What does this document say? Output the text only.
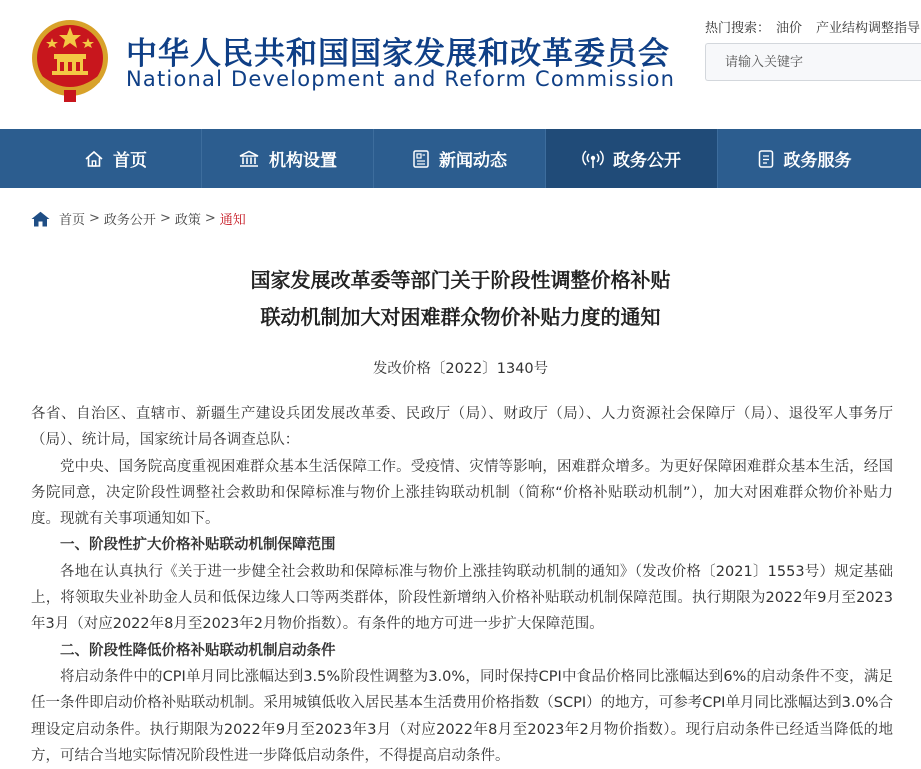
中华人民共和国国家发展和改革委员会
National Development and Reform Commission
热门搜索： 油价 产业结构调整指导
请输入关键字
首页	机构设置	新闻动态	政务公开	政务服务
首页 > 政务公开 > 政策 > 通知
国家发展改革委等部门关于阶段性调整价格补贴
联动机制加大对困难群众物价补贴力度的通知
发改价格〔2022〕1340号

各省、自治区、直辖市、新疆生产建设兵团发展改革委、民政厅（局）、财政厅（局）、人力资源社会保障厅（局）、退役军人事务厅（局）、统计局，国家统计局各调查总队：

党中央、国务院高度重视困难群众基本生活保障工作。受疫情、灾情等影响，困难群众增多。为更好保障困难群众基本生活，经国务院同意，决定阶段性调整社会救助和保障标准与物价上涨挂钩联动机制（简称“价格补贴联动机制”），加大对困难群众物价补贴力度。现就有关事项通知如下。

一、阶段性扩大价格补贴联动机制保障范围

各地在认真执行《关于进一步健全社会救助和保障标准与物价上涨挂钩联动机制的通知》（发改价格〔2021〕1553号）规定基础上，将领取失业补助金人员和低保边缘人口等两类群体，阶段性新增纳入价格补贴联动机制保障范围。执行期限为2022年9月至2023年3月（对应2022年8月至2023年2月物价指数）。有条件的地方可进一步扩大保障范围。

二、阶段性降低价格补贴联动机制启动条件

将启动条件中的CPI单月同比涨幅达到3.5%阶段性调整为3.0%，同时保持CPI中食品价格同比涨幅达到6%的启动条件不变，满足任一条件即启动价格补贴联动机制。采用城镇低收入居民基本生活费用价格指数（SCPI）的地方，可参考CPI单月同比涨幅达到3.0%合理设定启动条件。执行期限为2022年9月至2023年3月（对应2022年8月至2023年2月物价指数）。现行启动条件已经适当降低的地方，可结合当地实际情况阶段性进一步降低启动条件，不得提高启动条件。
